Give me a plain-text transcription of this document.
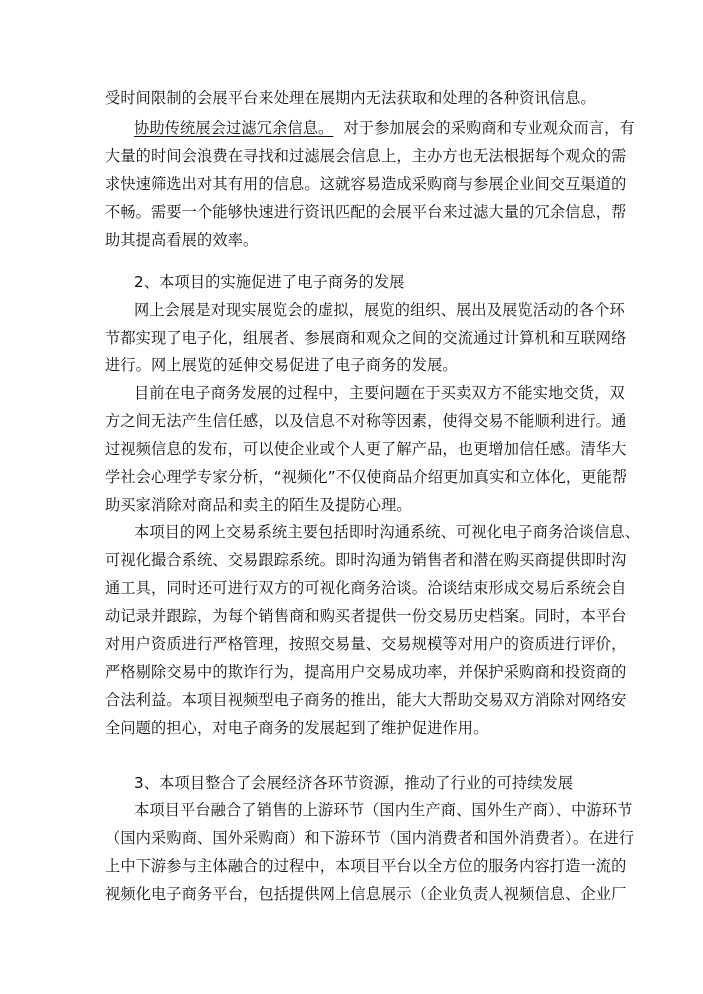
受时间限制的会展平台来处理在展期内无法获取和处理的各种资讯信息。
协助传统展会过滤冗余信息。 对于参加展会的采购商和专业观众而言，有
大量的时间会浪费在寻找和过滤展会信息上，主办方也无法根据每个观众的需
求快速筛选出对其有用的信息。这就容易造成采购商与参展企业间交互渠道的
不畅。需要一个能够快速进行资讯匹配的会展平台来过滤大量的冗余信息，帮
助其提高看展的效率。
2、本项目的实施促进了电子商务的发展
网上会展是对现实展览会的虚拟，展览的组织、展出及展览活动的各个环
节都实现了电子化，组展者、参展商和观众之间的交流通过计算机和互联网络
进行。网上展览的延伸交易促进了电子商务的发展。
目前在电子商务发展的过程中，主要问题在于买卖双方不能实地交货，双
方之间无法产生信任感，以及信息不对称等因素，使得交易不能顺利进行。通
过视频信息的发布，可以使企业或个人更了解产品，也更增加信任感。清华大
学社会心理学专家分析，“视频化”不仅使商品介绍更加真实和立体化，更能帮
助买家消除对商品和卖主的陌生及提防心理。
本项目的网上交易系统主要包括即时沟通系统、可视化电子商务洽谈信息、
可视化撮合系统、交易跟踪系统。即时沟通为销售者和潜在购买商提供即时沟
通工具，同时还可进行双方的可视化商务洽谈。洽谈结束形成交易后系统会自
动记录并跟踪，为每个销售商和购买者提供一份交易历史档案。同时，本平台
对用户资质进行严格管理，按照交易量、交易规模等对用户的资质进行评价，
严格剔除交易中的欺诈行为，提高用户交易成功率，并保护采购商和投资商的
合法利益。本项目视频型电子商务的推出，能大大帮助交易双方消除对网络安
全问题的担心，对电子商务的发展起到了维护促进作用。
3、本项目整合了会展经济各环节资源，推动了行业的可持续发展
本项目平台融合了销售的上游环节（国内生产商、国外生产商）、中游环节
（国内采购商、国外采购商）和下游环节（国内消费者和国外消费者）。在进行
上中下游参与主体融合的过程中，本项目平台以全方位的服务内容打造一流的
视频化电子商务平台，包括提供网上信息展示（企业负责人视频信息、企业厂
